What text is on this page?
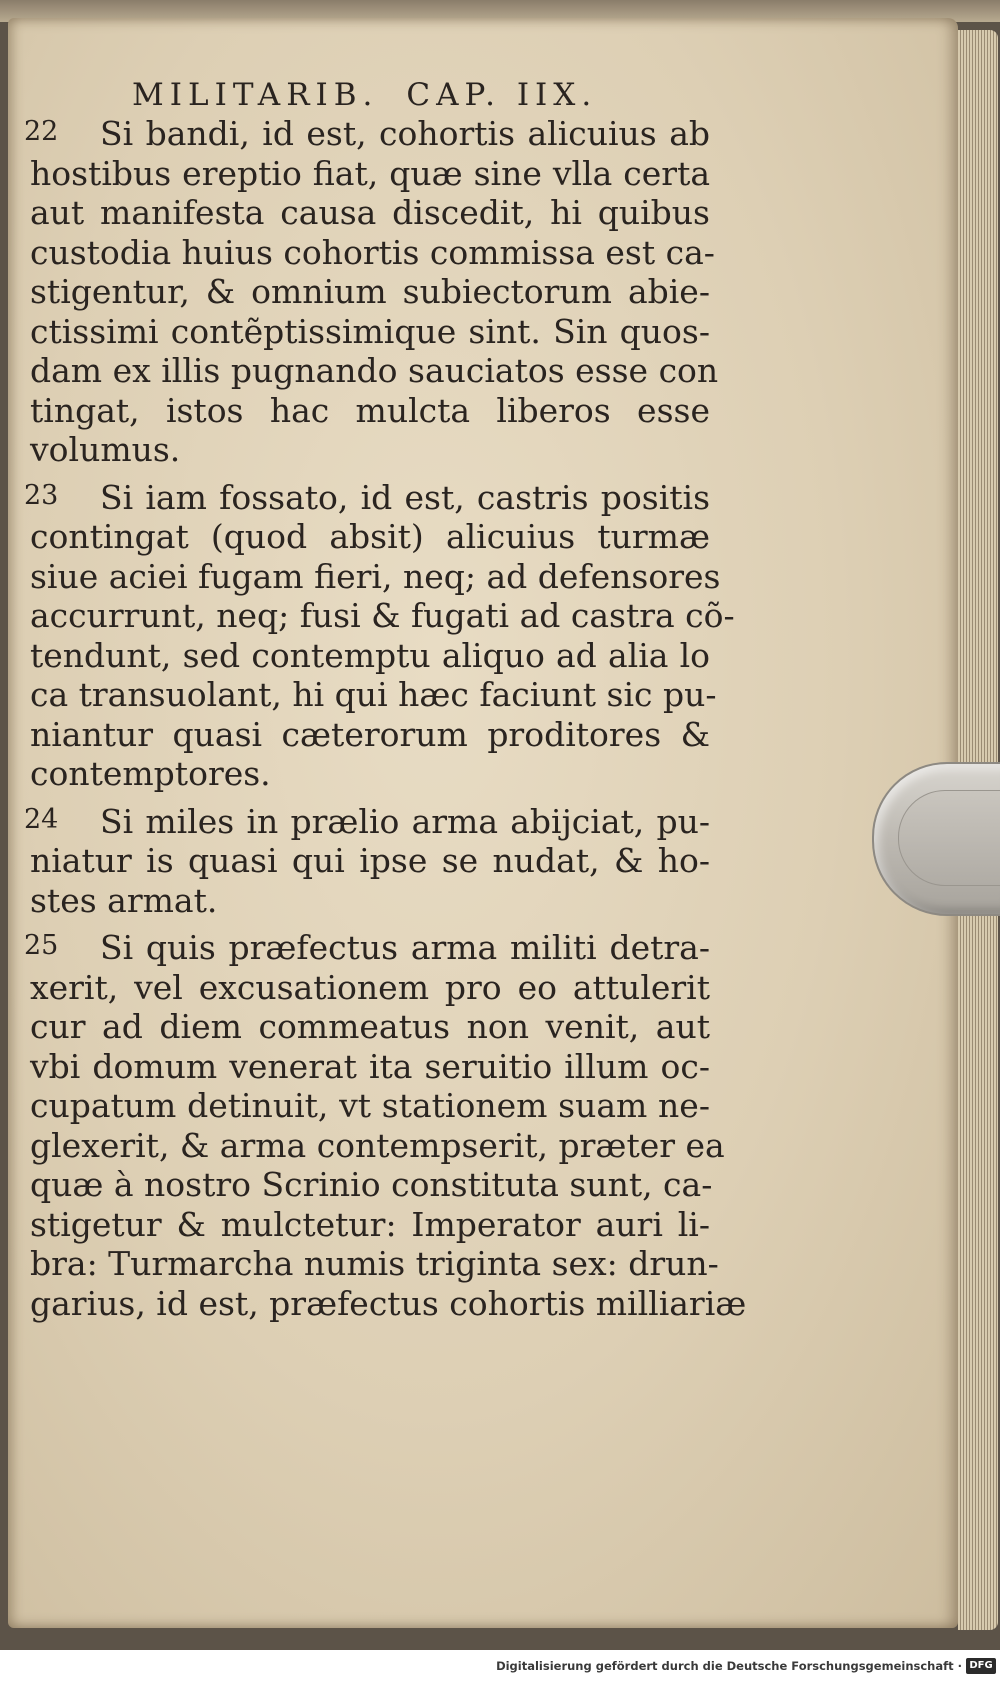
MILITARIB. CAP. IIX.
22	Si bandi, id est, cohortis alicuius ab
hostibus ereptio fiat, quæ sine vlla certa
aut manifesta causa discedit, hi quibus
custodia huius cohortis commissa est ca-
stigentur, & omnium subiectorum abie-
ctissimi contẽptissimique sint. Sin quos-
dam ex illis pugnando sauciatos esse con
tingat, istos hac mulcta liberos esse
volumus.
23	Si iam fossato, id est, castris positis
contingat (quod absit) alicuius turmæ
siue aciei fugam fieri, neq; ad defensores
accurrunt, neq; fusi & fugati ad castra cõ-
tendunt, sed contemptu aliquo ad alia lo
ca transuolant, hi qui hæc faciunt sic pu-
niantur quasi cæterorum proditores &
contemptores.
24	Si miles in prælio arma abijciat, pu-
niatur is quasi qui ipse se nudat, & ho-
stes armat.
25	Si quis præfectus arma militi detra-
xerit, vel excusationem pro eo attulerit
cur ad diem commeatus non venit, aut
vbi domum venerat ita seruitio illum oc-
cupatum detinuit, vt stationem suam ne-
glexerit, & arma contempserit, præter ea
quæ à nostro Scrinio constituta sunt, ca-
stigetur & mulctetur: Imperator auri li-
bra: Turmarcha numis triginta sex: drun-
garius, id est, præfectus cohortis milliariæ
Digitalisierung gefördert durch die Deutsche Forschungsgemeinschaft · DFG
